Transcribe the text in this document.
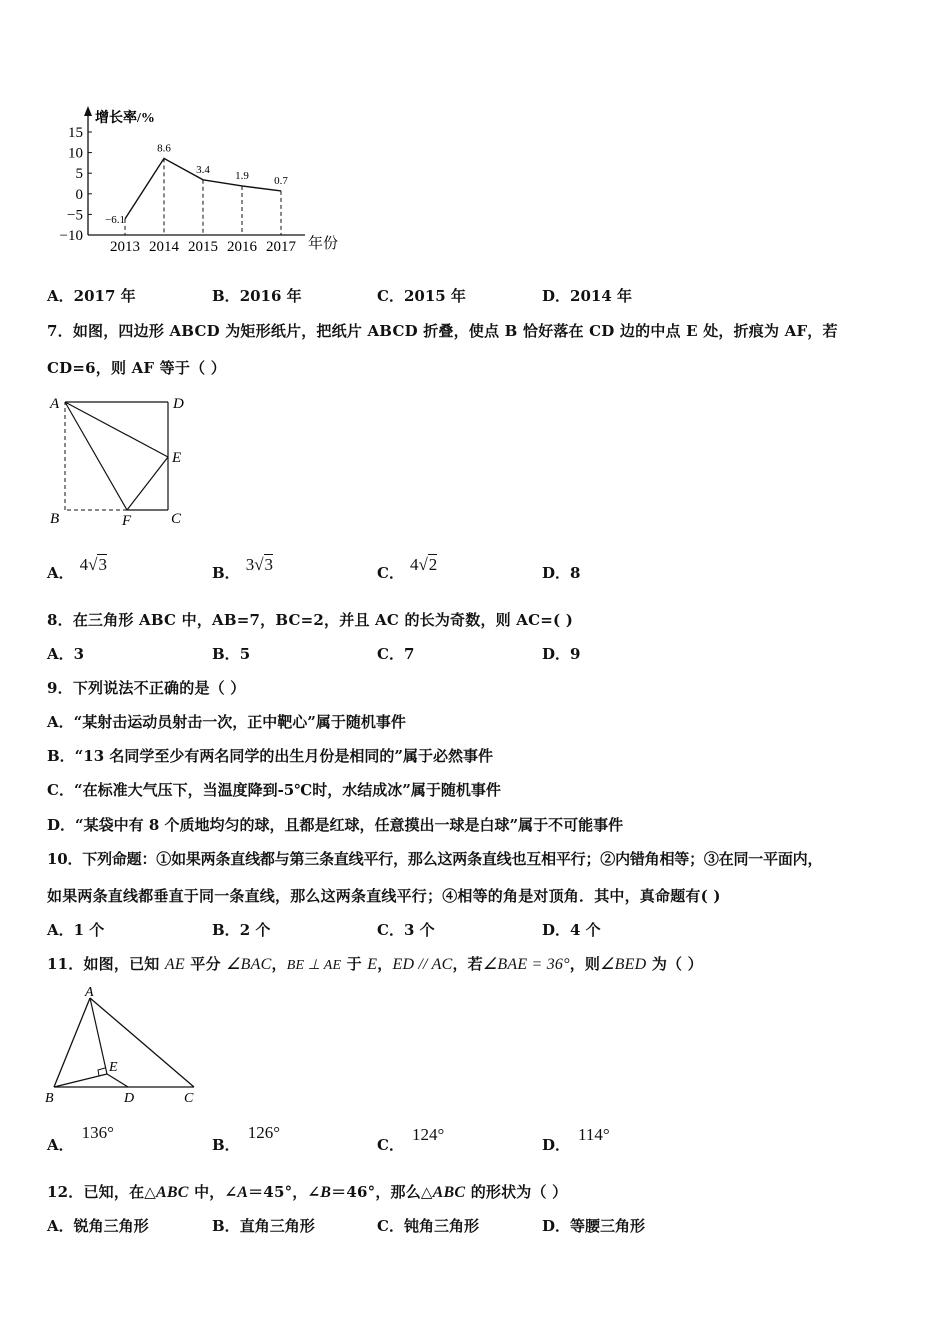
增长率/%
年份
15
10
5
0
−5
−10
2013 2014 2015 2016 2017
−6.1
8.6
3.4
1.9 0.7
A．2017 年	B．2016 年	C．2015 年	D．2014 年
7．如图，四边形 ABCD 为矩形纸片，把纸片 ABCD 折叠，使点 B 恰好落在 CD 边的中点 E 处，折痕为 AF，若
CD=6，则 AF 等于（ ）
A	D
E
B	F	C
A． 4√3	B． 3√3	C． 4√2	D．8
8．在三角形 ABC 中，AB=7，BC=2，并且 AC 的长为奇数，则 AC=( )
A．3	B．5	C．7	D．9
9．下列说法不正确的是（ ）
A．“某射击运动员射击一次，正中靶心”属于随机事件
B．“13 名同学至少有两名同学的出生月份是相同的”属于必然事件
C．“在标准大气压下，当温度降到-5℃时，水结成冰”属于随机事件
D．“某袋中有 8 个质地均匀的球，且都是红球，任意摸出一球是白球”属于不可能事件
10．下列命题：①如果两条直线都与第三条直线平行，那么这两条直线也互相平行；②内错角相等；③在同一平面内，
如果两条直线都垂直于同一条直线，那么这两条直线平行；④相等的角是对顶角．其中，真命题有( )
A．1 个	B．2 个	C．3 个	D．4 个
11．如图，已知 AE 平分 ∠BAC，BE ⊥ AE 于 E，ED // AC，若∠BAE = 36°，则∠BED 为（ ）
A
E
B	D	C
A．136°
B．126°
C．124°
D．114°
12．已知，在△ABC 中，∠A＝45°，∠B＝46°，那么△ABC 的形状为（ ）
A．锐角三角形	B．直角三角形	C．钝角三角形	D．等腰三角形
